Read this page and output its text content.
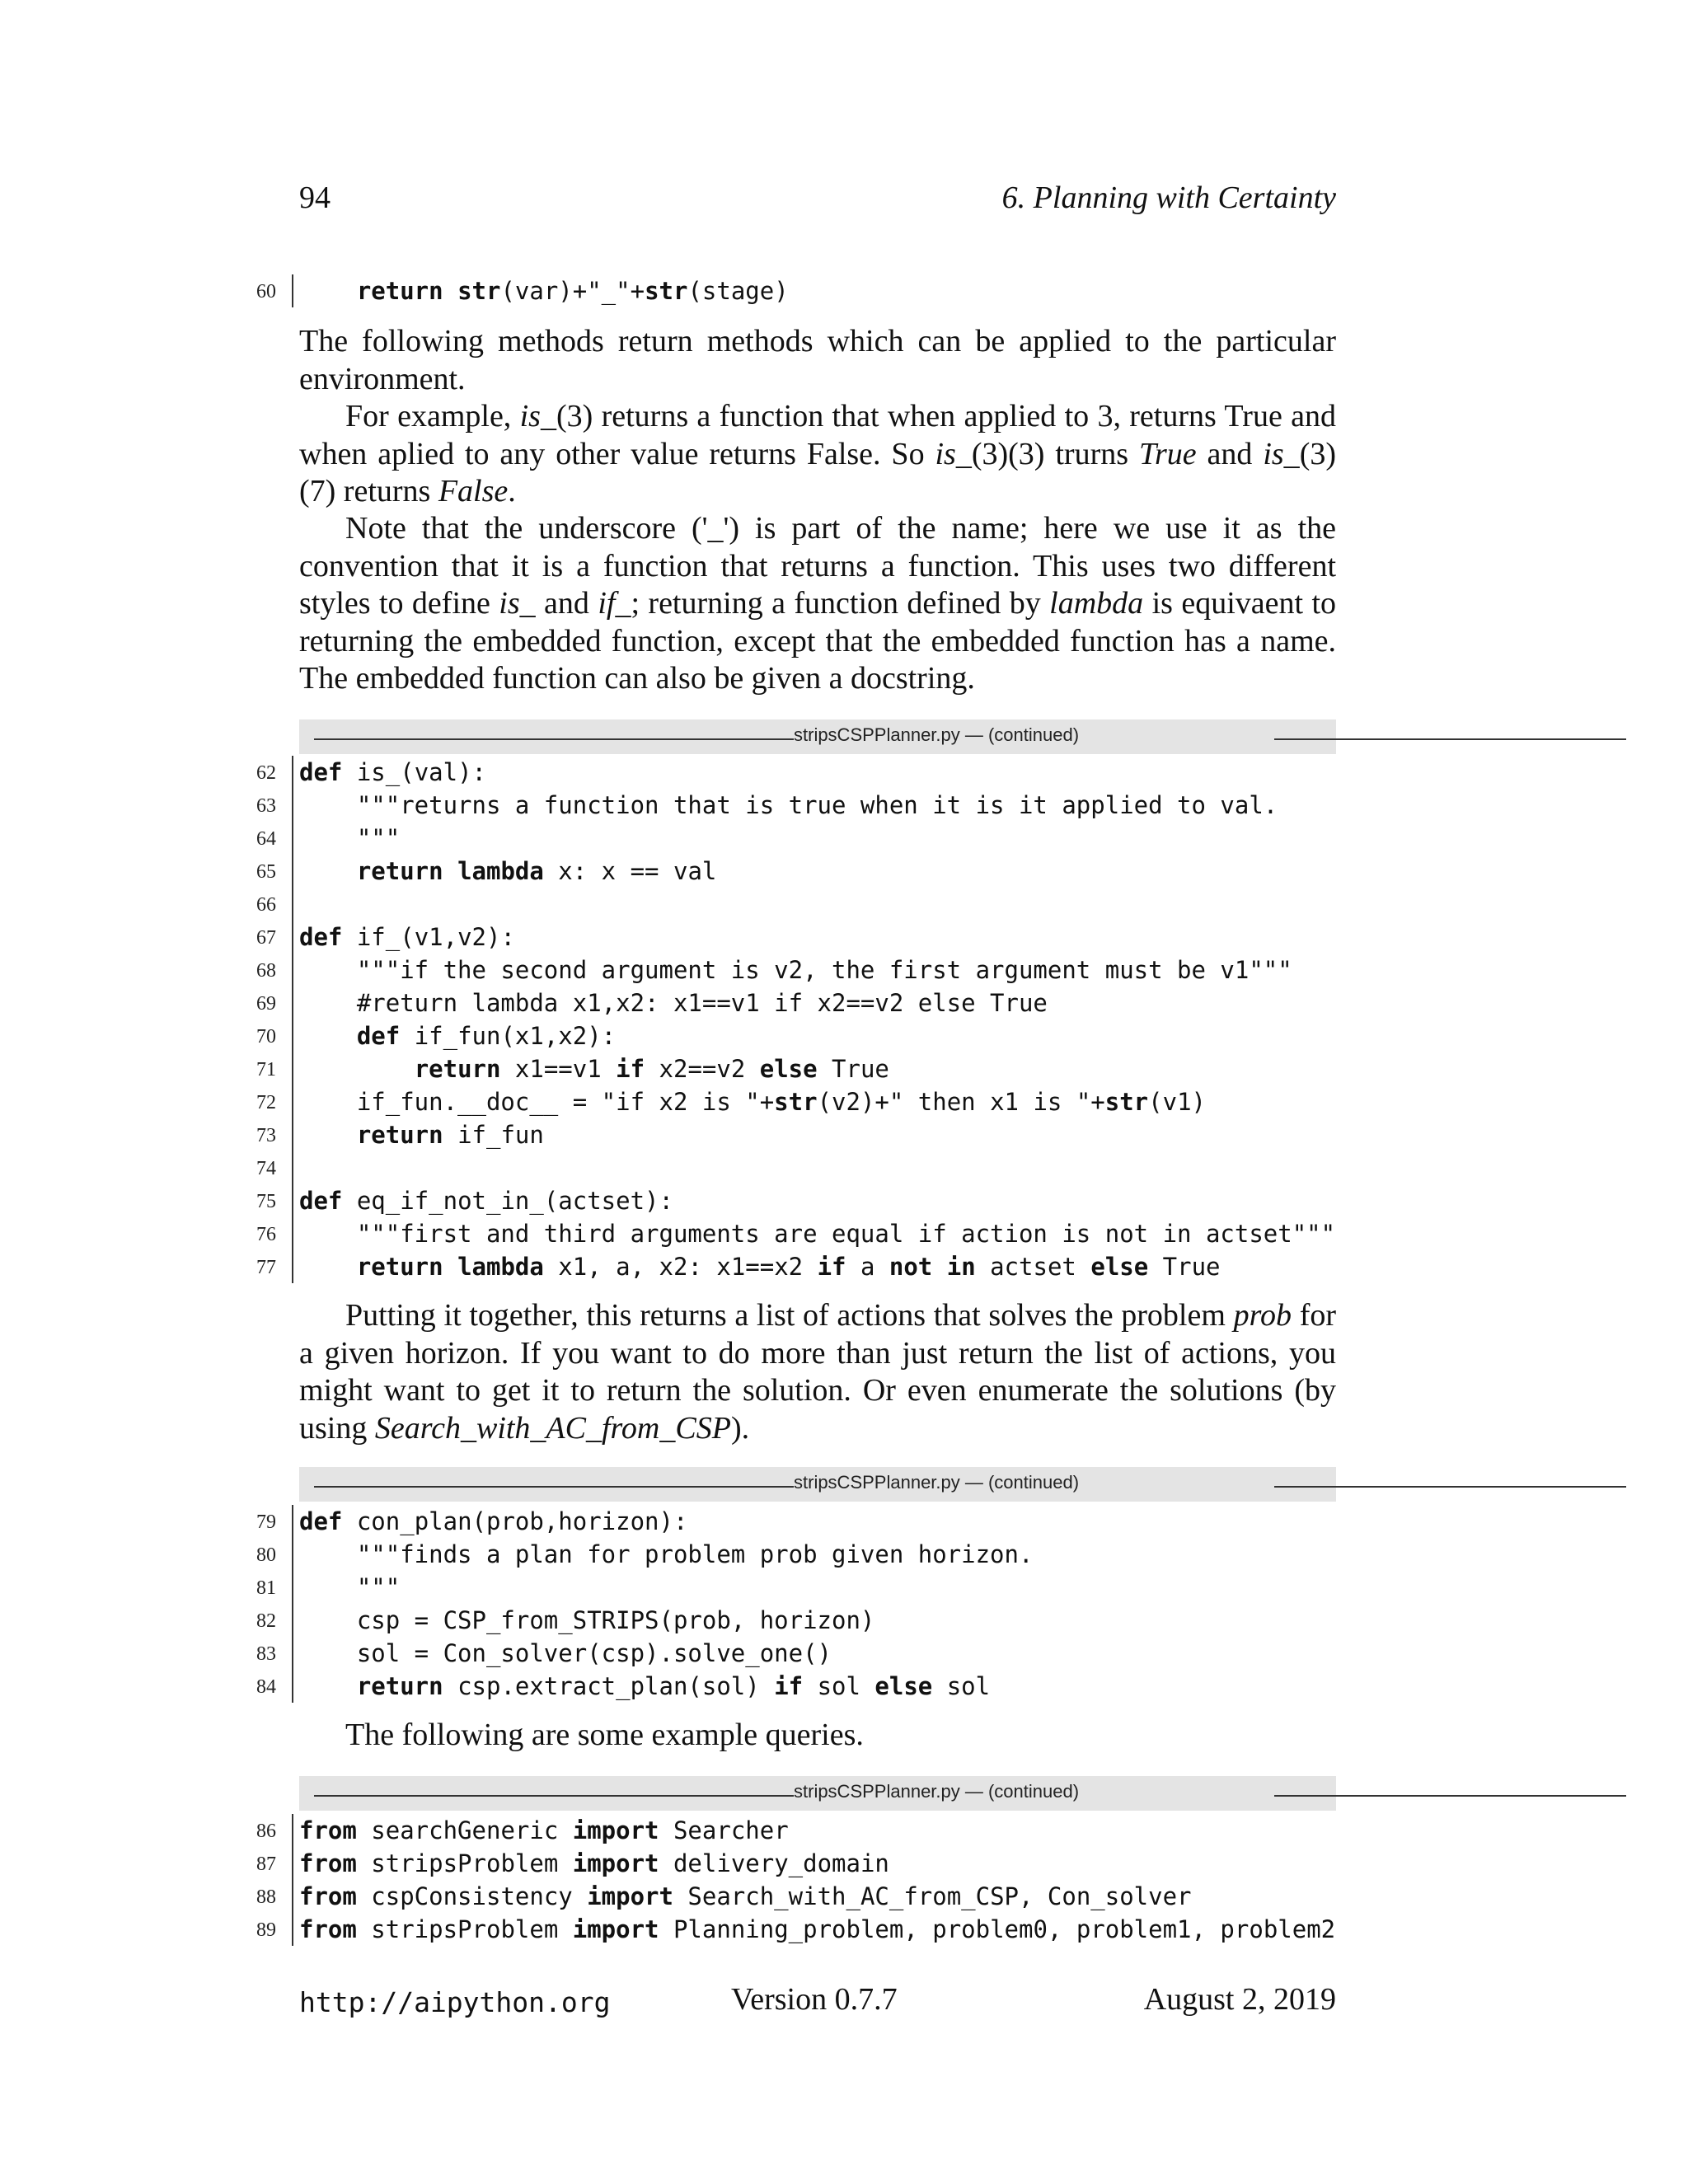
94	6. Planning with Certainty
60	return str(var)+"_"+str(stage)
The following methods return methods which can be applied to the particular environment.
For example, is_(3) returns a function that when applied to 3, returns True and when aplied to any other value returns False. So is_(3)(3) trurns True and is_(3)(7) returns False.
Note that the underscore ('_') is part of the name; here we use it as the convention that it is a function that returns a function. This uses two different styles to define is_ and if_; returning a function defined by lambda is equivaent to returning the embedded function, except that the embedded function has a name. The embedded function can also be given a docstring.
stripsCSPPlanner.py — (continued)
62 def is_(val):
63 """returns a function that is true when it is it applied to val.
64 """
65	return lambda x: x == val
66
67 def if_(v1,v2):
68 """if the second argument is v2, the first argument must be v1"""
69 #return lambda x1,x2: x1==v1 if x2==v2 else True
70	def if_fun(x1,x2):
71	return x1==v1 if x2==v2 else True
72 if_fun.__doc__ = "if x2 is "+str(v2)+" then x1 is "+str(v1)
73	return if_fun
74
75 def eq_if_not_in_(actset):
76 """first and third arguments are equal if action is not in actset"""
77	return lambda x1, a, x2: x1==x2 if a not in actset else True
Putting it together, this returns a list of actions that solves the problem prob for a given horizon. If you want to do more than just return the list of actions, you might want to get it to return the solution. Or even enumerate the solutions (by using Search_with_AC_from_CSP).
stripsCSPPlanner.py — (continued)
79 def con_plan(prob,horizon):
80 """finds a plan for problem prob given horizon.
81 """
82 csp = CSP_from_STRIPS(prob, horizon)
83 sol = Con_solver(csp).solve_one()
84	return csp.extract_plan(sol) if sol else sol
The following are some example queries.
stripsCSPPlanner.py — (continued)
86 from searchGeneric import Searcher
87 from stripsProblem import delivery_domain
88 from cspConsistency import Search_with_AC_from_CSP, Con_solver
89 from stripsProblem import Planning_problem, problem0, problem1, problem2
http://aipython.org	Version 0.7.7	August 2, 2019
